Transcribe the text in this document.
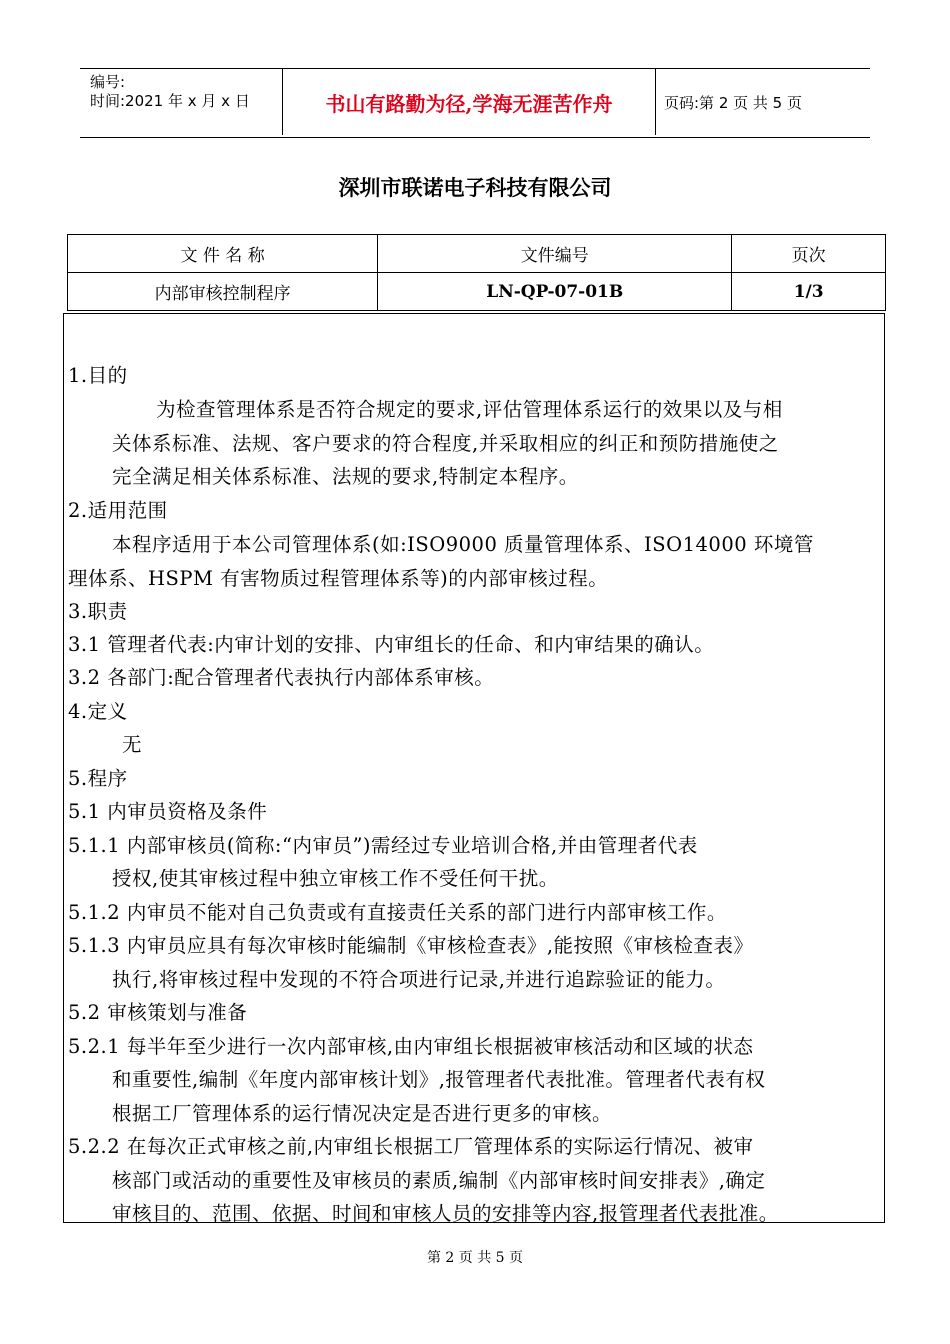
编号:
时间:2021 年 x 月 x 日	书山有路勤为径,学海无涯苦作舟	页码:第 2 页 共 5 页
深圳市联诺电子科技有限公司
文 件 名 称	文件编号	页次
内部审核控制程序	LN-QP-07-01B	1/3
1.目的
为检查管理体系是否符合规定的要求,评估管理体系运行的效果以及与相
关体系标准、法规、客户要求的符合程度,并采取相应的纠正和预防措施使之
完全满足相关体系标准、法规的要求,特制定本程序。
2.适用范围
本程序适用于本公司管理体系(如:ISO9000 质量管理体系、ISO14000 环境管
理体系、HSPM 有害物质过程管理体系等)的内部审核过程。
3.职责
3.1 管理者代表:内审计划的安排、内审组长的任命、和内审结果的确认。
3.2 各部门:配合管理者代表执行内部体系审核。
4.定义
无
5.程序
5.1 内审员资格及条件
5.1.1 内部审核员(简称:“内审员”)需经过专业培训合格,并由管理者代表
授权,使其审核过程中独立审核工作不受任何干扰。
5.1.2 内审员不能对自己负责或有直接责任关系的部门进行内部审核工作。
5.1.3 内审员应具有每次审核时能编制《审核检查表》,能按照《审核检查表》
执行,将审核过程中发现的不符合项进行记录,并进行追踪验证的能力。
5.2 审核策划与准备
5.2.1 每半年至少进行一次内部审核,由内审组长根据被审核活动和区域的状态
和重要性,编制《年度内部审核计划》,报管理者代表批准。管理者代表有权
根据工厂管理体系的运行情况决定是否进行更多的审核。
5.2.2 在每次正式审核之前,内审组长根据工厂管理体系的实际运行情况、被审
核部门或活动的重要性及审核员的素质,编制《内部审核时间安排表》,确定
审核目的、范围、依据、时间和审核人员的安排等内容,报管理者代表批准。
第 2 页 共 5 页
